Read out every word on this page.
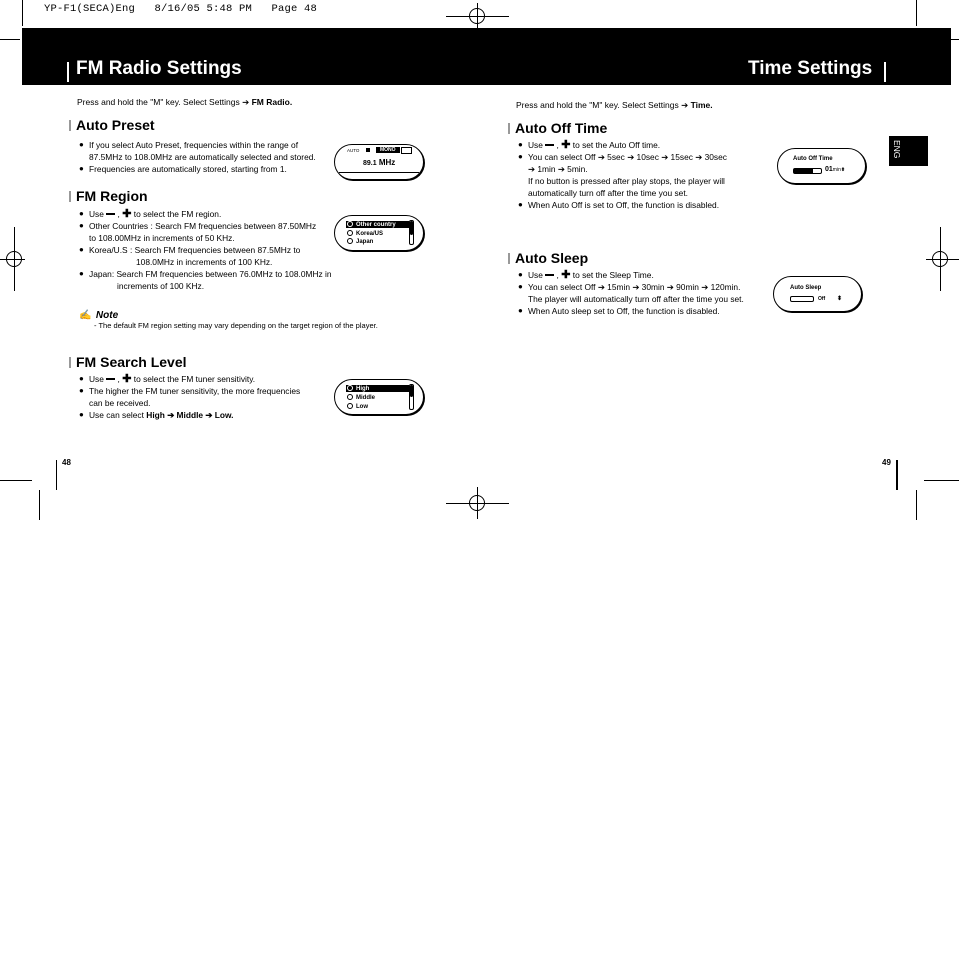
YP-F1(SECA)Eng   8/16/05 5:48 PM   Page 48
FM Radio Settings	Time Settings
Press and hold the "M" key. Select Settings ➔ FM Radio.
Auto Preset
● If you select Auto Preset, frequencies within the range of
87.5MHz to 108.0MHz are automatically selected and stored.
● Frequencies are automatically stored, starting from 1.
AUTO	MONO
89.1 MHz
FM Region
● Use  , ✚ to select the FM region.
● Other Countries : Search FM frequencies between 87.50MHz
to 108.00MHz in increments of 50 KHz.
● Korea/U.S : Search FM frequencies between 87.5MHz to
108.0MHz in increments of 100 KHz.
● Japan: Search FM frequencies between 76.0MHz to 108.0MHz in
increments of 100 KHz.
Other country
Korea/US
Japan
✍ Note
- The default FM region setting may vary depending on the target region of the player.
FM Search Level
● Use  , ✚ to select the FM tuner sensitivity.
● The higher the FM tuner sensitivity, the more frequencies
can be received.
● Use can select High ➔ Middle ➔ Low.
High
Middle
Low
48
Press and hold the "M" key. Select Settings ➔ Time.
ENG
Auto Off Time
● Use  , ✚ to set the Auto Off time.
● You can select Off ➔ 5sec ➔ 10sec ➔ 15sec ➔ 30sec
➔ 1min ➔ 5min.
If no button is pressed after play stops, the player will
automatically turn off after the time you set.
● When Auto Off is set to Off, the function is disabled.
Auto Off Time
01min⬍
Auto Sleep
● Use  , ✚ to set the Sleep Time.
● You can select Off ➔ 15min ➔ 30min ➔ 90min ➔ 120min.
The player will automatically turn off after the time you set.
● When Auto sleep set to Off, the function is disabled.
Auto Sleep
Off ⬍
49
